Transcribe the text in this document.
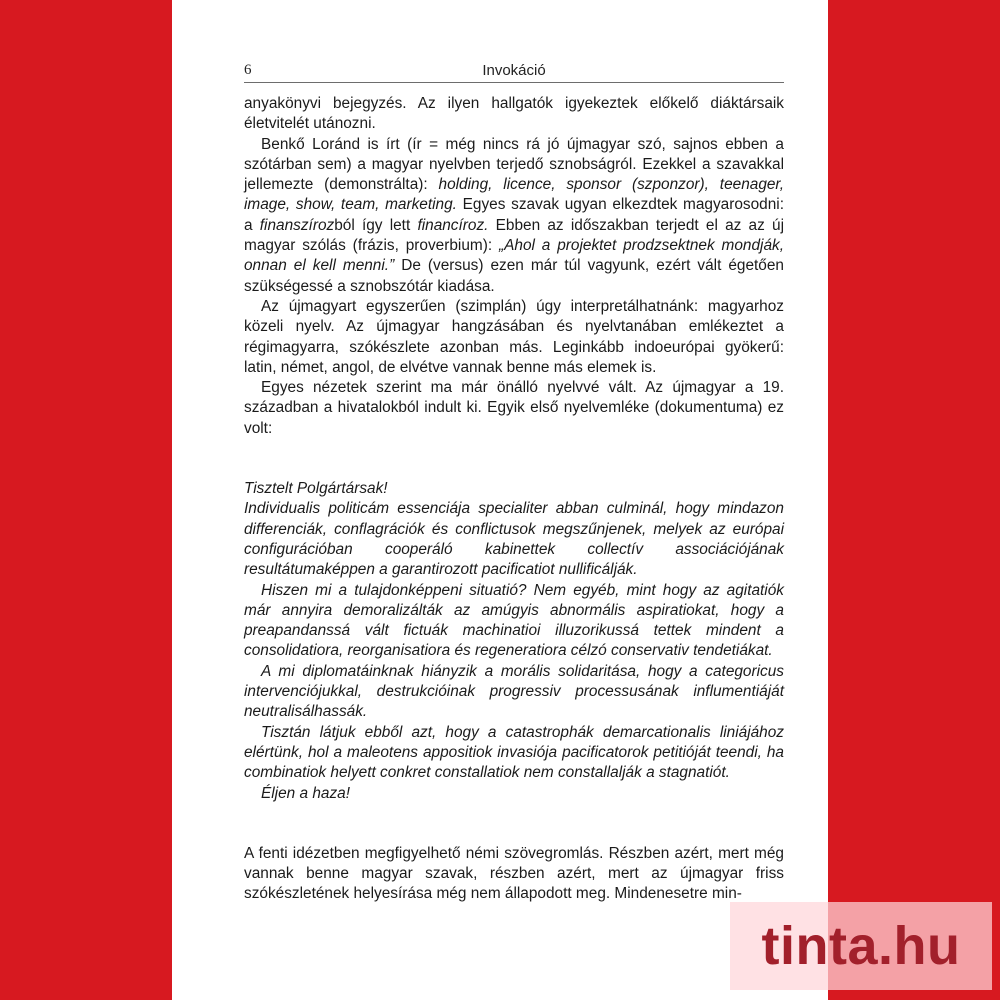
6	Invokáció

anyakönyvi bejegyzés. Az ilyen hallgatók igyekeztek előkelő diáktársaik életvitelét utánozni.

Benkő Loránd is írt (ír = még nincs rá jó újmagyar szó, sajnos ebben a szótárban sem) a magyar nyelvben terjedő sznobságról. Ezekkel a szavakkal jellemezte (demonstrálta): holding, licence, sponsor (szponzor), teenager, image, show, team, marketing. Egyes szavak ugyan elkezdtek magyarosodni: a finanszírozból így lett financíroz. Ebben az időszakban terjedt el az az új magyar szólás (frázis, proverbium): „Ahol a projektet prodzsektnek mondják, onnan el kell menni.” De (versus) ezen már túl vagyunk, ezért vált égetően szükségessé a sznobszótár kiadása.

Az újmagyart egyszerűen (szimplán) úgy interpretálhatnánk: magyarhoz közeli nyelv. Az újmagyar hangzásában és nyelvtanában emlékeztet a régimagyarra, szókészlete azonban más. Leginkább indoeurópai gyökerű: latin, német, angol, de elvétve vannak benne más elemek is.

Egyes nézetek szerint ma már önálló nyelvvé vált. Az újmagyar a 19. században a hivatalokból indult ki. Egyik első nyelvemléke (dokumentuma) ez volt:

Tisztelt Polgártársak!

Individualis politicám essenciája specialiter abban culminál, hogy mindazon differenciák, conflagrációk és conflictusok megszűnjenek, melyek az európai configurációban cooperáló kabinettek collectív associációjának resultátumaképpen a garantirozott pacificatiot nullificálják.

Hiszen mi a tulajdonképpeni situatió? Nem egyéb, mint hogy az agitatiók már annyira demoralizálták az amúgyis abnormális aspiratiokat, hogy a preapandanssá vált fictuák machinatioi illuzorikussá tettek mindent a consolidatiora, reorganisatiora és regeneratiora célzó conservativ tendetiákat.

A mi diplomatáinknak hiányzik a morális solidaritása, hogy a categoricus intervenciójukkal, destrukcióinak progressiv processusának influmentiáját neutralisálhassák.

Tisztán látjuk ebből azt, hogy a catastrophák demarcationalis liniájához elértünk, hol a maleotens appositiok invasiója pacificatorok petitióját teendi, ha combinatiok helyett conkret constallatiok nem constallalják a stagnatiót.

Éljen a haza!

A fenti idézetben megfigyelhető némi szövegromlás. Részben azért, mert még vannak benne magyar szavak, részben azért, mert az újmagyar friss szókészletének helyesírása még nem állapodott meg. Mindenesetre min-

tinta.hu
